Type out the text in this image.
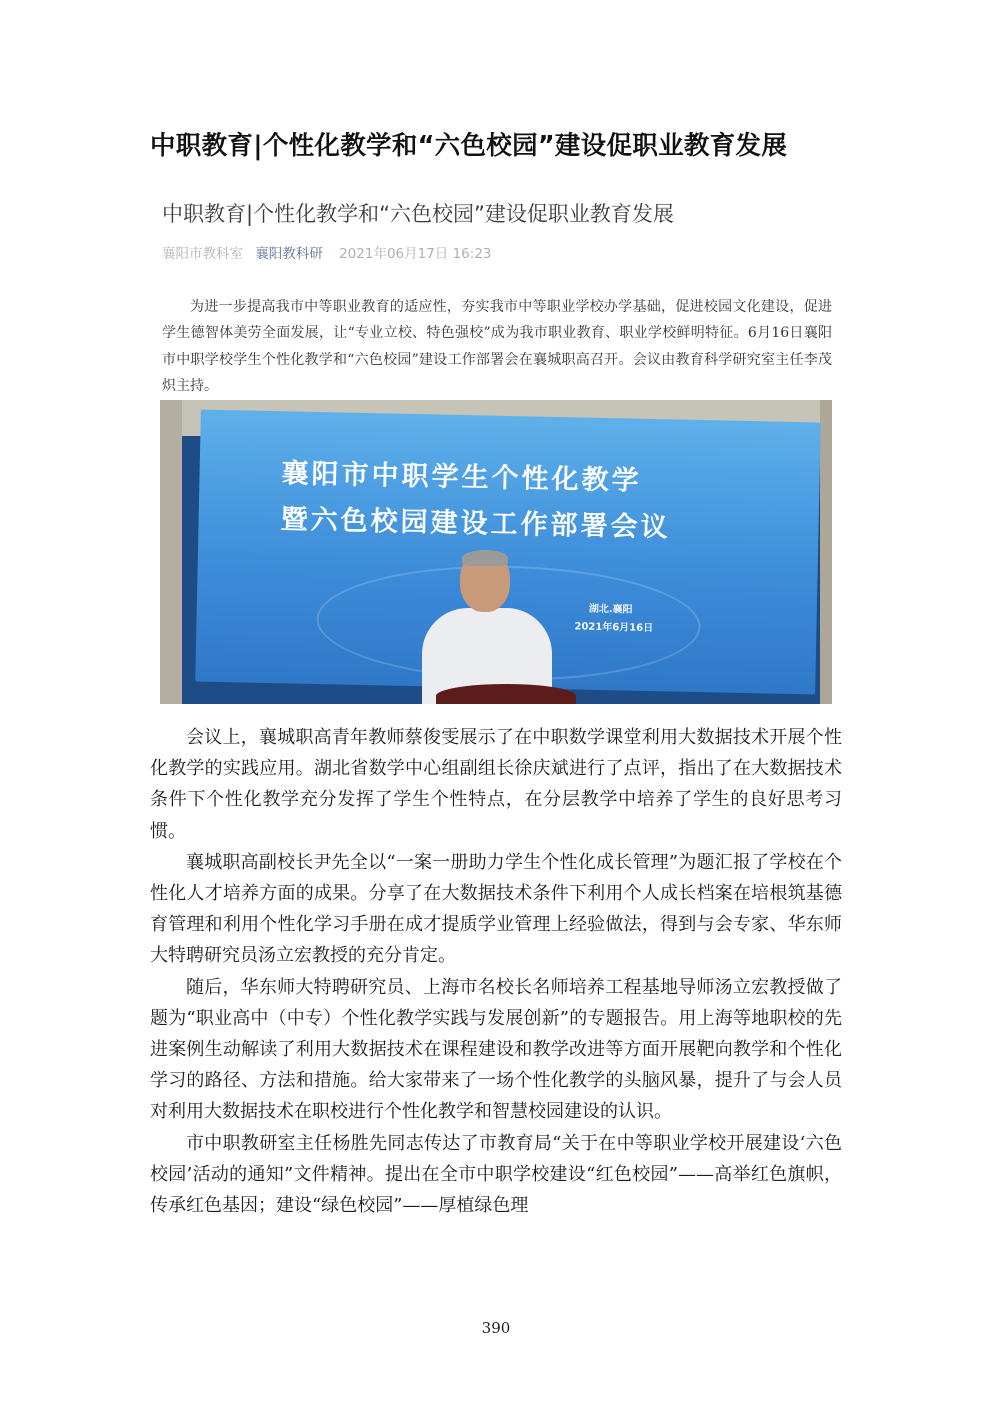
中职教育|个性化教学和“六色校园”建设促职业教育发展
中职教育|个性化教学和“六色校园”建设促职业教育发展
襄阳市教科室 襄阳教科研 2021年06月17日 16:23

为进一步提高我市中等职业教育的适应性，夯实我市中等职业学校办学基础，促进校园文化建设，促进学生德智体美劳全面发展，让“专业立校、特色强校”成为我市职业教育、职业学校鲜明特征。6月16日襄阳市中职学校学生个性化教学和“六色校园”建设工作部署会在襄城职高召开。会议由教育科学研究室主任李茂炽主持。

襄阳市中职学生个性化教学
暨六色校园建设工作部署会议
湖北.襄阳
2021年6月16日

会议上，襄城职高青年教师蔡俊雯展示了在中职数学课堂利用大数据技术开展个性化教学的实践应用。湖北省数学中心组副组长徐庆斌进行了点评，指出了在大数据技术条件下个性化教学充分发挥了学生个性特点，在分层教学中培养了学生的良好思考习惯。

襄城职高副校长尹先全以“一案一册助力学生个性化成长管理”为题汇报了学校在个性化人才培养方面的成果。分享了在大数据技术条件下利用个人成长档案在培根筑基德育管理和利用个性化学习手册在成才提质学业管理上经验做法，得到与会专家、华东师大特聘研究员汤立宏教授的充分肯定。

随后，华东师大特聘研究员、上海市名校长名师培养工程基地导师汤立宏教授做了题为“职业高中（中专）个性化教学实践与发展创新”的专题报告。用上海等地职校的先进案例生动解读了利用大数据技术在课程建设和教学改进等方面开展靶向教学和个性化学习的路径、方法和措施。给大家带来了一场个性化教学的头脑风暴，提升了与会人员对利用大数据技术在职校进行个性化教学和智慧校园建设的认识。

市中职教研室主任杨胜先同志传达了市教育局“关于在中等职业学校开展建设‘六色校园’活动的通知”文件精神。提出在全市中职学校建设“红色校园”——高举红色旗帜，传承红色基因；建设“绿色校园”——厚植绿色理

390
